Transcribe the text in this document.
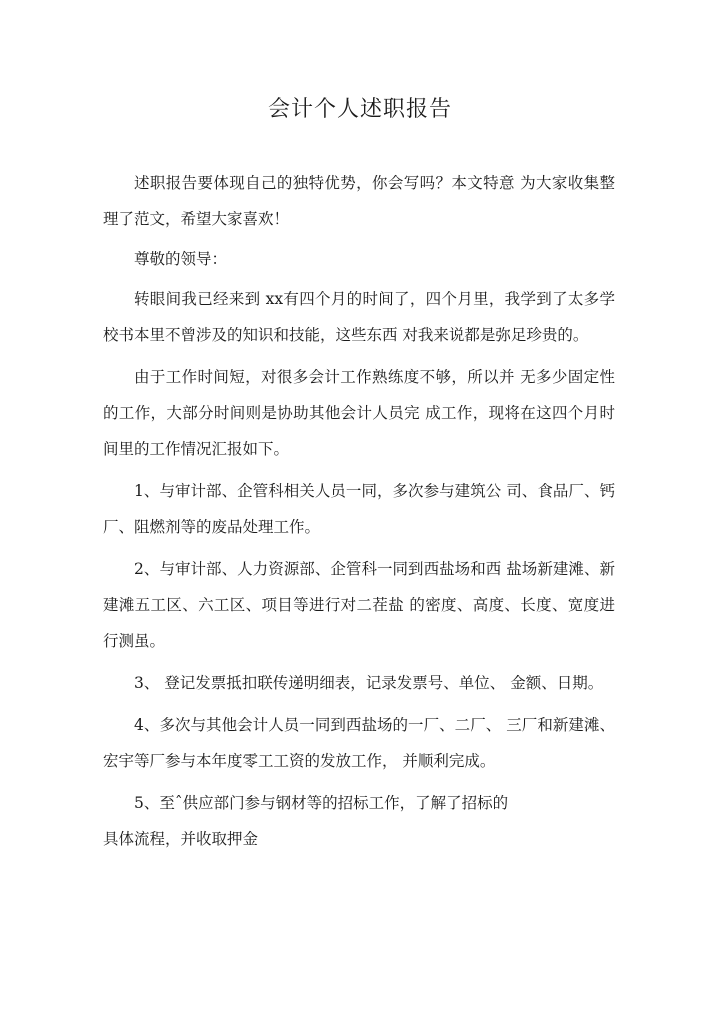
会计个人述职报告

述职报告要体现自己的独特优势，你会写吗？本文特意 为大家收集整理了范文，希望大家喜欢！

尊敬的领导：

转眼间我已经来到 xx有四个月的时间了，四个月里，我学到了太多学校书本里不曾涉及的知识和技能，这些东西 对我来说都是弥足珍贵的。

由于工作时间短，对很多会计工作熟练度不够，所以并 无多少固定性的工作，大部分时间则是协助其他会计人员完 成工作，现将在这四个月时间里的工作情况汇报如下。

1、与审计部、企管科相关人员一同，多次参与建筑公 司、食品厂、钙厂、阻燃剂等的废品处理工作。

2、与审计部、人力资源部、企管科一同到西盐场和西 盐场新建滩、新建滩五工区、六工区、项目等进行对二茬盐 的密度、高度、长度、宽度进行测虽。

3、 登记发票抵扣联传递明细表，记录发票号、单位、 金额、日期。

4、多次与其他会计人员一同到西盐场的一厂、二厂、 三厂和新建滩、宏宇等厂参与本年度零工工资的发放工作， 并顺利完成。

5、至ˆ供应部门参与钢材等的招标工作，了解了招标的

具体流程，并收取押金
